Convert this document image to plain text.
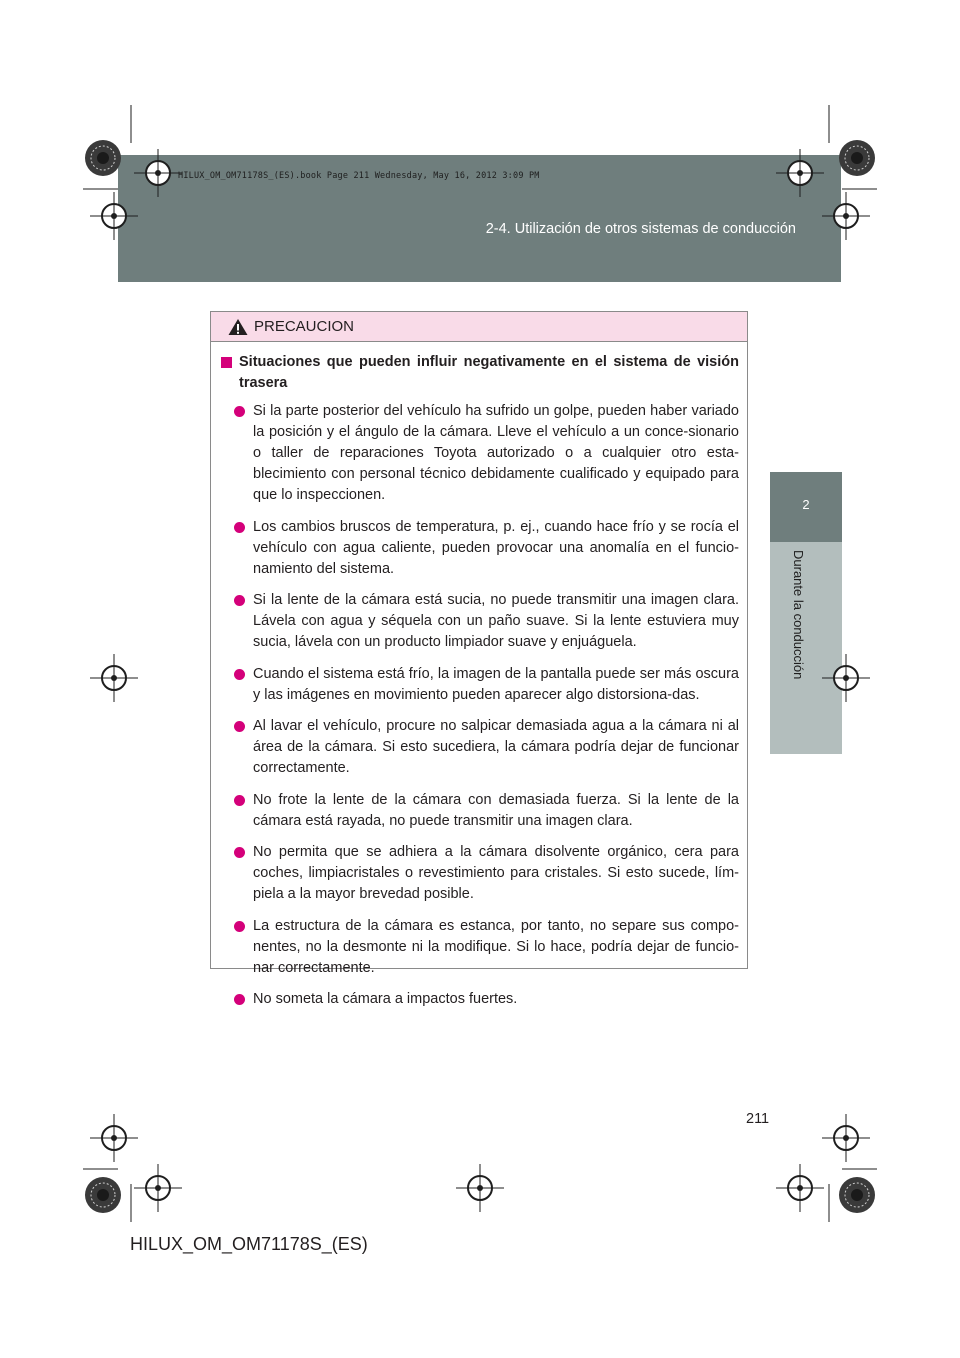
HILUX_OM_OM71178S_(ES).book Page 211 Wednesday, May 16, 2012 3:09 PM
2-4. Utilización de otros sistemas de conducción
2
Durante la conducción
PRECAUCION
Situaciones que pueden influir negativamente en el sistema de visión trasera
Si la parte posterior del vehículo ha sufrido un golpe, pueden haber variado la posición y el ángulo de la cámara. Lleve el vehículo a un conce-sionario o taller de reparaciones Toyota autorizado o a cualquier otro esta-blecimiento con personal técnico debidamente cualificado y equipado para que lo inspeccionen.
Los cambios bruscos de temperatura, p. ej., cuando hace frío y se rocía el vehículo con agua caliente, pueden provocar una anomalía en el funcio-namiento del sistema.
Si la lente de la cámara está sucia, no puede transmitir una imagen clara. Lávela con agua y séquela con un paño suave. Si la lente estuviera muy sucia, lávela con un producto limpiador suave y enjuáguela.
Cuando el sistema está frío, la imagen de la pantalla puede ser más oscura y las imágenes en movimiento pueden aparecer algo distorsiona-das.
Al lavar el vehículo, procure no salpicar demasiada agua a la cámara ni al área de la cámara. Si esto sucediera, la cámara podría dejar de funcionar correctamente.
No frote la lente de la cámara con demasiada fuerza. Si la lente de la cámara está rayada, no puede transmitir una imagen clara.
No permita que se adhiera a la cámara disolvente orgánico, cera para coches, limpiacristales o revestimiento para cristales. Si esto sucede, lím-piela a la mayor brevedad posible.
La estructura de la cámara es estanca, por tanto, no separe sus compo-nentes, no la desmonte ni la modifique. Si lo hace, podría dejar de funcio-nar correctamente.
No someta la cámara a impactos fuertes.
211
HILUX_OM_OM71178S_(ES)
